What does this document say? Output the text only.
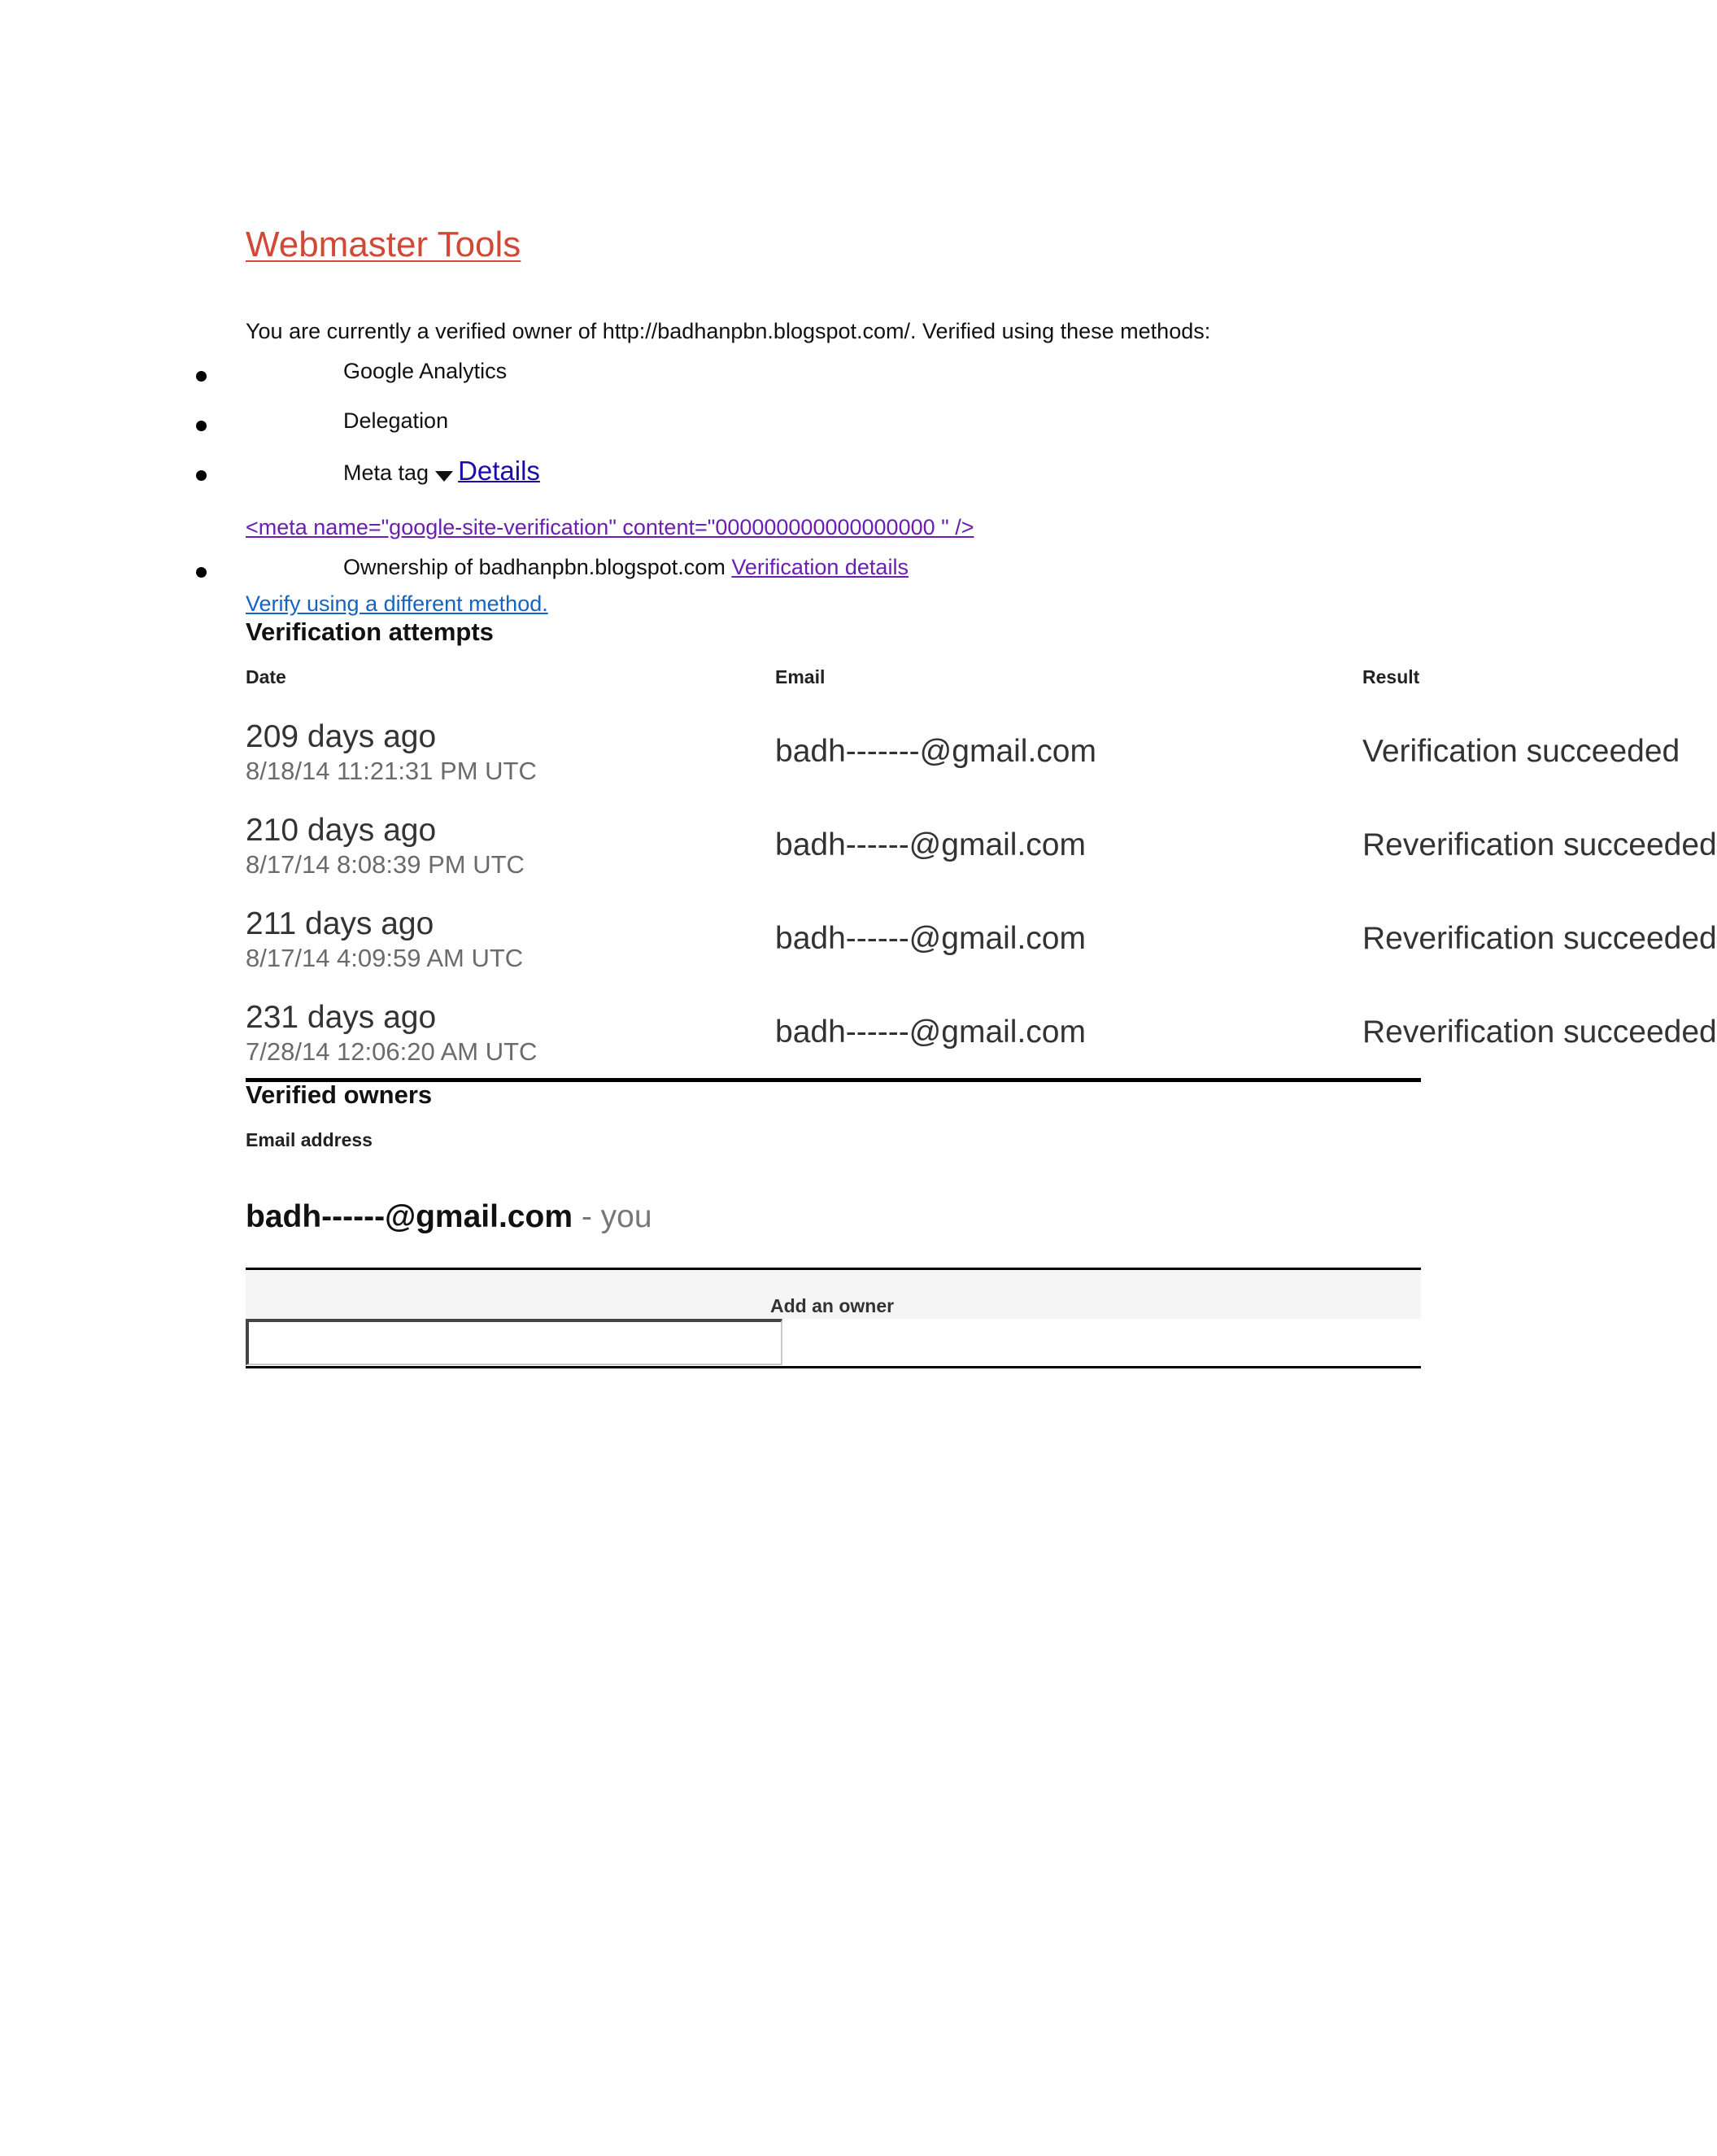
Webmaster Tools
You are currently a verified owner of http://badhanpbn.blogspot.com/. Verified using these methods:
Google Analytics
Delegation
Meta tag Details
<meta name="google-site-verification" content="000000000000000000 " />
Ownership of badhanpbn.blogspot.com Verification details
Verify using a different method.
Verification attempts
Date	Email	Result
209 days ago
8/18/14 11:21:31 PM UTC
badh-------@gmail.com	Verification succeeded
210 days ago
8/17/14 8:08:39 PM UTC
badh------@gmail.com	Reverification succeeded
211 days ago
8/17/14 4:09:59 AM UTC
badh------@gmail.com	Reverification succeeded
231 days ago
7/28/14 12:06:20 AM UTC
badh------@gmail.com	Reverification succeeded
Verified owners
Email address
badh------@gmail.com - you
Add an owner
